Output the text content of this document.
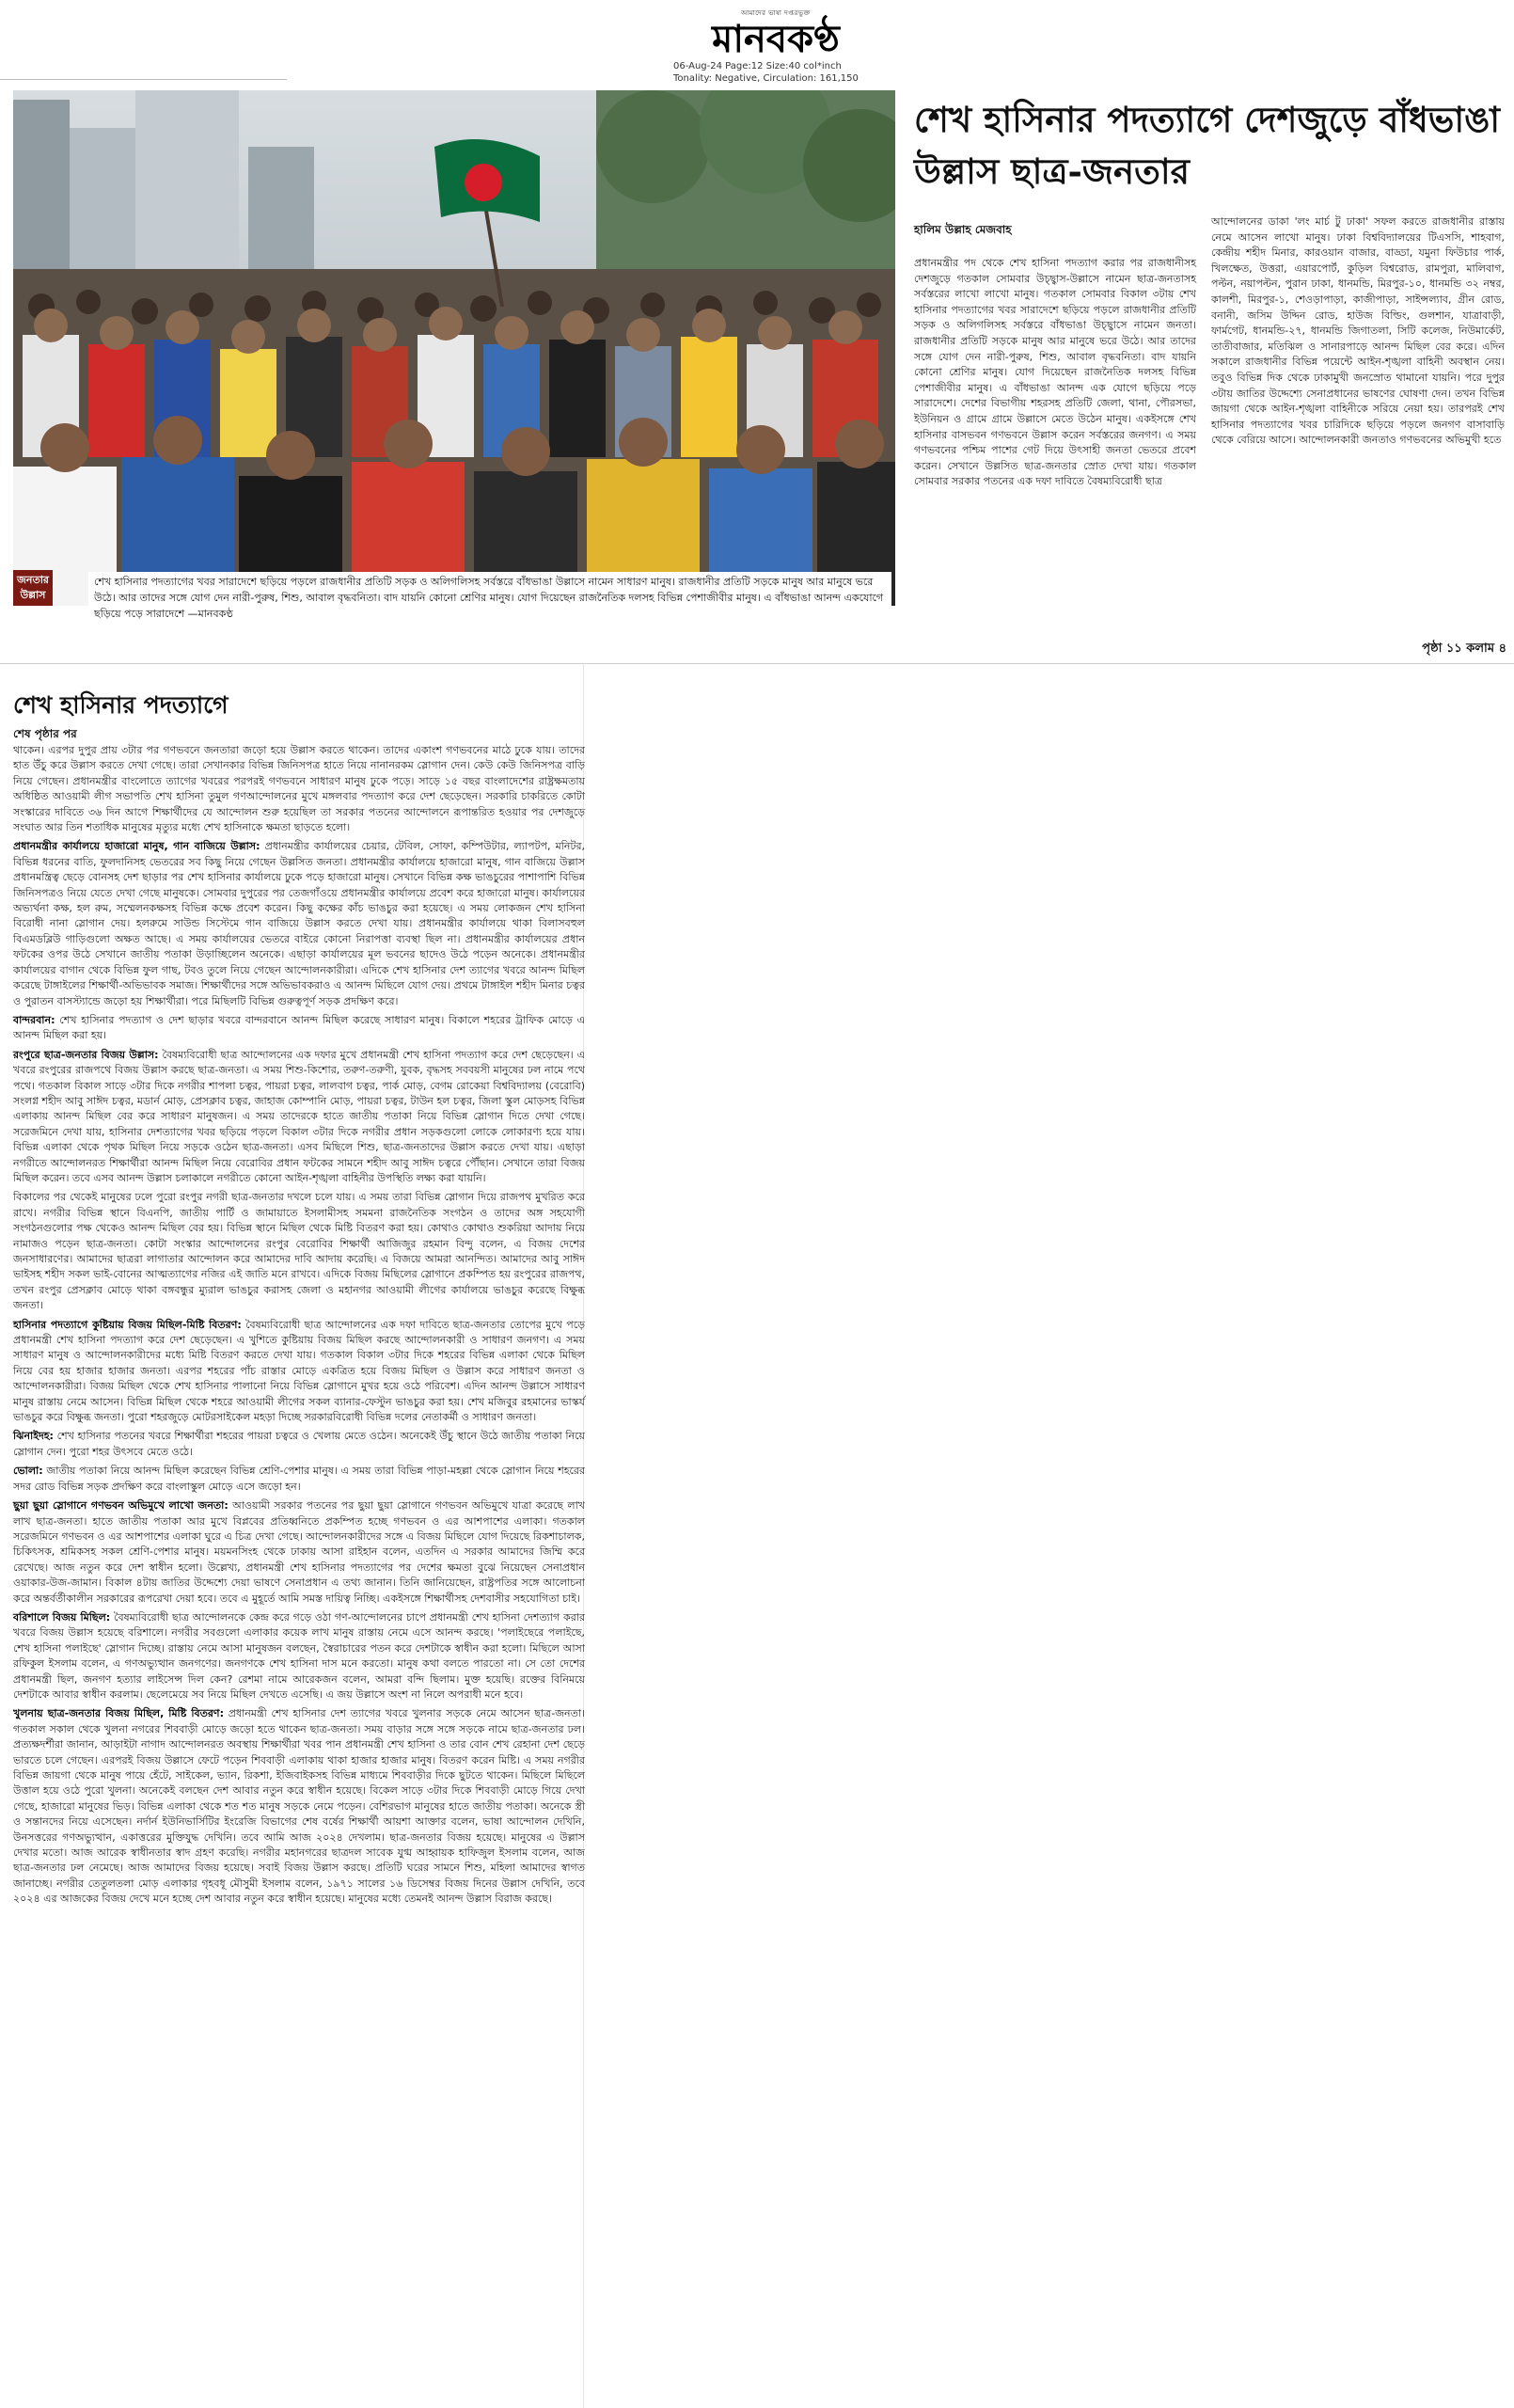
আমাদের ভাষা দপ্তরভুক্ত
মানবকণ্ঠ
06-Aug-24 Page:12 Size:40 col*inch
Tonality: Negative, Circulation: 161,150
জনতার উল্লাস
শেখ হাসিনার পদত্যাগের খবর সারাদেশে ছড়িয়ে পড়লে রাজধানীর প্রতিটি সড়ক ও অলিগলিসহ সর্বস্তরে বাঁধভাঙা উল্লাসে নামেন সাধারণ মানুষ। রাজধানীর প্রতিটি সড়কে মানুষ আর মানুষে ভরে উঠে। আর তাদের সঙ্গে যোগ দেন নারী-পুরুষ, শিশু, আবাল বৃদ্ধবনিতা। বাদ যায়নি কোনো শ্রেণির মানুষ। যোগ দিয়েছেন রাজনৈতিক দলসহ বিভিন্ন পেশাজীবীর মানুষ। এ বাঁধভাঙা আনন্দ একযোগে ছড়িয়ে পড়ে সারাদেশে —মানবকণ্ঠ
শেখ হাসিনার পদত্যাগে দেশজুড়ে বাঁধভাঙা উল্লাস ছাত্র-জনতার
হালিম উল্লাহ মেজবাহ
প্রধানমন্ত্রীর পদ থেকে শেখ হাসিনা পদত্যাগ করার পর রাজধানীসহ দেশজুড়ে গতকাল সোমবার উচ্ছ্বাস-উল্লাসে নামেন ছাত্র-জনতাসহ সর্বস্তরের লাখো লাখো মানুষ। গতকাল সোমবার বিকাল ৩টায় শেখ হাসিনার পদত্যাগের খবর সারাদেশে ছড়িয়ে পড়লে রাজধানীর প্রতিটি সড়ক ও অলিগলিসহ সর্বস্তরে বাঁধভাঙা উচ্ছ্বাসে নামেন জনতা। রাজধানীর প্রতিটি সড়কে মানুষ আর মানুষে ভরে উঠে। আর তাদের সঙ্গে যোগ দেন নারী-পুরুষ, শিশু, আবাল বৃদ্ধবনিতা। বাদ যায়নি কোনো শ্রেণির মানুষ। যোগ দিয়েছেন রাজনৈতিক দলসহ বিভিন্ন পেশাজীবীর মানুষ। এ বাঁধভাঙা আনন্দ এক যোগে ছড়িয়ে পড়ে সারাদেশে। দেশের বিভাগীয় শহরসহ প্রতিটি জেলা, থানা, পৌরসভা, ইউনিয়ন ও গ্রামে গ্রামে উল্লাসে মেতে উঠেন মানুষ। একইসঙ্গে শেখ হাসিনার বাসভবন গণভবনে উল্লাস করেন সর্বস্তরের জনগণ। এ সময় গণভবনের পশ্চিম পাশের গেট দিয়ে উৎসাহী জনতা ভেতরে প্রবেশ করেন। সেখানে উল্লসিত ছাত্র-জনতার স্রোত দেখা যায়। গতকাল সোমবার সরকার পতনের এক দফা দাবিতে বৈষম্যবিরোধী ছাত্র
আন্দোলনের ডাকা 'লং মার্চ টু ঢাকা' সফল করতে রাজধানীর রাস্তায় নেমে আসেন লাখো মানুষ। ঢাকা বিশ্ববিদ্যালয়ের টিএসসি, শাহবাগ, কেন্দ্রীয় শহীদ মিনার, কারওয়ান বাজার, বাড্ডা, যমুনা ফিউচার পার্ক, খিলক্ষেত, উত্তরা, এয়ারপোর্ট, কুড়িল বিশ্বরোড, রামপুরা, মালিবাগ, পল্টন, নয়াপল্টন, পুরান ঢাকা, ধানমন্ডি, মিরপুর-১০, ধানমন্ডি ৩২ নম্বর, কালশী, মিরপুর-১, শেওড়াপাড়া, কাজীপাড়া, সাইন্সল্যাব, গ্রীন রোড, বনানী, জসিম উদ্দিন রোড, হাউজ বিল্ডিং, গুলশান, যাত্রাবাড়ী, ফার্মগেট, ধানমন্ডি-২৭, ধানমন্ডি জিগাতলা, সিটি কলেজ, নিউমার্কেট, তাতীবাজার, মতিঝিল ও সানারপাড়ে আনন্দ মিছিল বের করে। এদিন সকালে রাজধানীর বিভিন্ন পয়েন্টে আইন-শৃঙ্খলা বাহিনী অবস্থান নেয়। তবুও বিভিন্ন দিক থেকে ঢাকামুখী জনস্রোত থামানো যায়নি। পরে দুপুর ৩টায় জাতির উদ্দেশ্যে সেনাপ্রধানের ভাষণের ঘোষণা দেন। তখন বিভিন্ন জায়গা থেকে আইন-শৃঙ্খলা বাহিনীকে সরিয়ে নেয়া হয়। তারপরই শেখ হাসিনার পদত্যাগের খবর চারিদিকে ছড়িয়ে পড়লে জনগণ বাসাবাড়ি থেকে বেরিয়ে আসে। আন্দোলনকারী জনতাও গণভবনের অভিমুখী হতে
পৃষ্ঠা ১১ কলাম ৪
শেখ হাসিনার পদত্যাগে
শেষ পৃষ্ঠার পর

থাকেন। এরপর দুপুর প্রায় ৩টার পর গণভবনে জনতারা জড়ো হয়ে উল্লাস করতে থাকেন। তাদের একাংশ গণভবনের মাঠে ঢুকে যায়। তাদের হাত উঁচু করে উল্লাস করতে দেখা গেছে। তারা সেখানকার বিভিন্ন জিনিসপত্র হাতে নিয়ে নানানরকম স্লোগান দেন। কেউ কেউ জিনিসপত্র বাড়ি নিয়ে গেছেন। প্রধানমন্ত্রীর বাংলোতে ত্যাগের খবরের পরপরই গণভবনে সাধারণ মানুষ ঢুকে পড়ে। সাড়ে ১৫ বছর বাংলাদেশের রাষ্ট্রক্ষমতায় অধিষ্ঠিত আওয়ামী লীগ সভাপতি শেখ হাসিনা তুমুল গণআন্দোলনের মুখে মঙ্গলবার পদত্যাগ করে দেশ ছেড়েছেন। সরকারি চাকরিতে কোটা সংস্কারের দাবিতে ৩৬ দিন আগে শিক্ষার্থীদের যে আন্দোলন শুরু হয়েছিল তা সরকার পতনের আন্দোলনে রূপান্তরিত হওয়ার পর দেশজুড়ে সংঘাত আর তিন শতাধিক মানুষের মৃত্যুর মধ্যে শেখ হাসিনাকে ক্ষমতা ছাড়তে হলো।

প্রধানমন্ত্রীর কার্যালয়ে হাজারো মানুষ, গান বাজিয়ে উল্লাস: প্রধানমন্ত্রীর কার্যালয়ের চেয়ার, টেবিল, সোফা, কম্পিউটার, ল্যাপটপ, মনিটর, বিভিন্ন ধরনের বাতি, ফুলদানিসহ ভেতরের সব কিছু নিয়ে গেছেন উল্লসিত জনতা। প্রধানমন্ত্রীর কার্যালয়ে হাজারো মানুষ, গান বাজিয়ে উল্লাস প্রধানমন্ত্রিত্ব ছেড়ে বোনসহ দেশ ছাড়ার পর শেখ হাসিনার কার্যালয়ে ঢুকে পড়ে হাজারো মানুষ। সেখানে বিভিন্ন কক্ষ ভাঙচুরের পাশাপাশি বিভিন্ন জিনিসপত্রও নিয়ে যেতে দেখা গেছে মানুষকে। সোমবার দুপুরের পর তেজগাঁওয়ে প্রধানমন্ত্রীর কার্যালয়ে প্রবেশ করে হাজারো মানুষ। কার্যালয়ের অভ্যর্থনা কক্ষ, হল রুম, সম্মেলনকক্ষসহ বিভিন্ন কক্ষে প্রবেশ করেন। কিছু কক্ষের কাঁচ ভাঙচুর করা হয়েছে। এ সময় লোকজন শেখ হাসিনা বিরোধী নানা স্লোগান দেয়। হলরুমে সাউন্ড সিস্টেমে গান বাজিয়ে উল্লাস করতে দেখা যায়। প্রধানমন্ত্রীর কার্যালয়ে থাকা বিলাসবহুল বিএমডব্লিউ গাড়িগুলো অক্ষত আছে। এ সময় কার্যালয়ের ভেতরে বাইরে কোনো নিরাপত্তা ব্যবস্থা ছিল না। প্রধানমন্ত্রীর কার্যালয়ের প্রধান ফটকের ওপর উঠে সেখানে জাতীয় পতাকা উড়াচ্ছিলেন অনেকে। এছাড়া কার্যালয়ের মূল ভবনের ছাদেও উঠে পড়েন অনেকে। প্রধানমন্ত্রীর কার্যালয়ের বাগান থেকে বিভিন্ন ফুল গাছ, টবও তুলে নিয়ে গেছেন আন্দোলনকারীরা। এদিকে শেখ হাসিনার দেশ ত্যাগের খবরে আনন্দ মিছিল করেছে টাঙ্গাইলের শিক্ষার্থী-অভিভাবক সমাজ। শিক্ষার্থীদের সঙ্গে অভিভাবকরাও এ আনন্দ মিছিলে যোগ দেয়। প্রথমে টাঙ্গাইল শহীদ মিনার চত্বর ও পুরাতন বাসস্ট্যান্ডে জড়ো হয় শিক্ষার্থীরা। পরে মিছিলটি বিভিন্ন গুরুত্বপূর্ণ সড়ক প্রদক্ষিণ করে।

বান্দরবান: শেখ হাসিনার পদত্যাগ ও দেশ ছাড়ার খবরে বান্দরবানে আনন্দ মিছিল করেছে সাধারণ মানুষ। বিকালে শহরের ট্রাফিক মোড়ে এ আনন্দ মিছিল করা হয়।

রংপুরে ছাত্র-জনতার বিজয় উল্লাস: বৈষম্যবিরোধী ছাত্র আন্দোলনের এক দফার মুখে প্রধানমন্ত্রী শেখ হাসিনা পদত্যাগ করে দেশ ছেড়েছেন। এ খবরে রংপুরের রাজপথে বিজয় উল্লাস করছে ছাত্র-জনতা। এ সময় শিশু-কিশোর, তরুণ-তরুণী, যুবক, বৃদ্ধসহ সববয়সী মানুষের ঢল নামে পথে পথে। গতকাল বিকাল সাড়ে ৩টার দিকে নগরীর শাপলা চত্বর, পায়রা চত্বর, লালবাগ চত্বর, পার্ক মোড়, বেগম রোকেয়া বিশ্ববিদ্যালয় (বেরোবি) সংলগ্ন শহীদ আবু সাঈদ চত্বর, মডার্ন মোড়, প্রেসক্লাব চত্বর, জাহাজ কোম্পানি মোড়, পায়রা চত্বর, টাউন হল চত্বর, জিলা স্কুল মোড়সহ বিভিন্ন এলাকায় আনন্দ মিছিল বের করে সাধারণ মানুষজন। এ সময় তাদেরকে হাতে জাতীয় পতাকা নিয়ে বিভিন্ন স্লোগান দিতে দেখা গেছে। সরেজমিনে দেখা যায়, হাসিনার দেশত্যাগের খবর ছড়িয়ে পড়লে বিকাল ৩টার দিকে নগরীর প্রধান সড়কগুলো লোকে লোকারণ্য হয়ে যায়। বিভিন্ন এলাকা থেকে পৃথক মিছিল নিয়ে সড়কে ওঠেন ছাত্র-জনতা। এসব মিছিলে শিশু, ছাত্র-জনতাদের উল্লাস করতে দেখা যায়। এছাড়া নগরীতে আন্দোলনরত শিক্ষার্থীরা আনন্দ মিছিল নিয়ে বেরোবির প্রধান ফটকের সামনে শহীদ আবু সাঈদ চত্বরে পৌঁছান। সেখানে তারা বিজয় মিছিল করেন। তবে এসব আনন্দ উল্লাস চলাকালে নগরীতে কোনো আইন-শৃঙ্খলা বাহিনীর উপস্থিতি লক্ষ্য করা যায়নি।

বিকালের পর থেকেই মানুষের ঢলে পুরো রংপুর নগরী ছাত্র-জনতার দখলে চলে যায়। এ সময় তারা বিভিন্ন স্লোগান দিয়ে রাজপথ মুখরিত করে রাখে। নগরীর বিভিন্ন স্থানে বিএনপি, জাতীয় পার্টি ও জামায়াতে ইসলামীসহ সমমনা রাজনৈতিক সংগঠন ও তাদের অঙ্গ সহযোগী সংগঠনগুলোর পক্ষ থেকেও আনন্দ মিছিল বের হয়। বিভিন্ন স্থানে মিছিল থেকে মিষ্টি বিতরণ করা হয়। কোথাও কোথাও শুকরিয়া আদায় নিয়ে নামাজও পড়েন ছাত্র-জনতা। কোটা সংস্কার আন্দোলনের রংপুর বেরোবির শিক্ষার্থী আজিজুর রহমান বিন্দু বলেন, এ বিজয় দেশের জনসাধারণের। আমাদের ছাত্ররা লাগাতার আন্দোলন করে আমাদের দাবি আদায় করেছি। এ বিজয়ে আমরা আনন্দিত। আমাদের আবু সাঈদ ভাইসহ শহীদ সকল ভাই-বোনের আত্মত্যাগের নজির এই জাতি মনে রাখবে। এদিকে বিজয় মিছিলের স্লোগানে প্রকম্পিত হয় রংপুরের রাজপথ, তখন রংপুর প্রেসক্লাব মোড়ে থাকা বঙ্গবন্ধুর ম্যুরাল ভাঙচুর করাসহ জেলা ও মহানগর আওয়ামী লীগের কার্যালয়ে ভাঙচুর করেছে বিক্ষুব্ধ জনতা।

হাসিনার পদত্যাগে কুষ্টিয়ায় বিজয় মিছিল-মিষ্টি বিতরণ: বৈষম্যবিরোধী ছাত্র আন্দোলনের এক দফা দাবিতে ছাত্র-জনতার তোপের মুখে পড়ে প্রধানমন্ত্রী শেখ হাসিনা পদত্যাগ করে দেশ ছেড়েছেন। এ খুশিতে কুষ্টিয়ায় বিজয় মিছিল করছে আন্দোলনকারী ও সাধারণ জনগণ। এ সময় সাধারণ মানুষ ও আন্দোলনকারীদের মধ্যে মিষ্টি বিতরণ করতে দেখা যায়। গতকাল বিকাল ৩টার দিকে শহরের বিভিন্ন এলাকা থেকে মিছিল নিয়ে বের হয় হাজার হাজার জনতা। এরপর শহরের পাঁচ রাস্তার মোড়ে একত্রিত হয়ে বিজয় মিছিল ও উল্লাস করে সাধারণ জনতা ও আন্দোলনকারীরা। বিজয় মিছিল থেকে শেখ হাসিনার পালানো নিয়ে বিভিন্ন স্লোগানে মুখর হয়ে ওঠে পরিবেশ। এদিন আনন্দ উল্লাসে সাধারণ মানুষ রাস্তায় নেমে আসেন। বিভিন্ন মিছিল থেকে শহরে আওয়ামী লীগের সকল ব্যানার-ফেস্টুন ভাঙচুর করা হয়। শেখ মজিবুর রহমানের ভাস্কর্য ভাঙচুর করে বিক্ষুব্ধ জনতা। পুরো শহরজুড়ে মোটরসাইকেল মহড়া দিচ্ছে সরকারবিরোধী বিভিন্ন দলের নেতাকর্মী ও সাধারণ জনতা।

ঝিনাইদহ: শেখ হাসিনার পতনের খবরে শিক্ষার্থীরা শহরের পায়রা চত্বরে ও খেলায় মেতে ওঠেন। অনেকেই উঁচু স্থানে উঠে জাতীয় পতাকা নিয়ে স্লোগান দেন। পুরো শহর উৎসবে মেতে ওঠে।

ভোলা: জাতীয় পতাকা নিয়ে আনন্দ মিছিল করেছেন বিভিন্ন শ্রেণি-পেশার মানুষ। এ সময় তারা বিভিন্ন পাড়া-মহল্লা থেকে স্লোগান নিয়ে শহরের সদর রোড বিভিন্ন সড়ক প্রদক্ষিণ করে বাংলাস্কুল মোড়ে এসে জড়ো হন।

ছুয়া ছুয়া স্লোগানে গণভবন অভিমুখে লাখো জনতা: আওয়ামী সরকার পতনের পর ছুয়া ছুয়া স্লোগানে গণভবন অভিমুখে যাত্রা করেছে লাখ লাখ ছাত্র-জনতা। হাতে জাতীয় পতাকা আর মুখে বিপ্লবের প্রতিধ্বনিতে প্রকম্পিত হচ্ছে গণভবন ও এর আশপাশের এলাকা। গতকাল সরেজমিনে গণভবন ও এর আশপাশের এলাকা ঘুরে এ চিত্র দেখা গেছে। আন্দোলনকারীদের সঙ্গে এ বিজয় মিছিলে যোগ দিয়েছে রিকশাচালক, চিকিৎসক, শ্রমিকসহ সকল শ্রেণি-পেশার মানুষ। ময়মনসিংহ থেকে ঢাকায় আসা রাইহান বলেন, এতদিন এ সরকার আমাদের জিম্মি করে রেখেছে। আজ নতুন করে দেশ স্বাধীন হলো। উল্লেখ্য, প্রধানমন্ত্রী শেখ হাসিনার পদত্যাগের পর দেশের ক্ষমতা বুঝে নিয়েছেন সেনাপ্রধান ওয়াকার-উজ-জামান। বিকাল ৪টায় জাতির উদ্দেশ্যে দেয়া ভাষণে সেনাপ্রধান এ তথ্য জানান। তিনি জানিয়েছেন, রাষ্ট্রপতির সঙ্গে আলোচনা করে অন্তর্বর্তীকালীন সরকারের রূপরেখা দেয়া হবে। তবে এ মুহূর্তে আমি সমস্ত দায়িত্ব নিচ্ছি। একইসঙ্গে শিক্ষার্থীসহ দেশবাসীর সহযোগিতা চাই।

বরিশালে বিজয় মিছিল: বৈষম্যবিরোধী ছাত্র আন্দোলনকে কেন্দ্র করে গড়ে ওঠা গণ-আন্দোলনের চাপে প্রধানমন্ত্রী শেখ হাসিনা দেশত্যাগ করার খবরে বিজয় উল্লাস হয়েছে বরিশালে। নগরীর সবগুলো এলাকার কয়েক লাখ মানুষ রাস্তায় নেমে এসে আনন্দ করছে। 'পলাইছেরে পলাইছে, শেখ হাসিনা পলাইছে' স্লোগান দিচ্ছে। রাস্তায় নেমে আসা মানুষজন বলছেন, স্বৈরাচারের পতন করে দেশটাকে স্বাধীন করা হলো। মিছিলে আসা রফিকুল ইসলাম বলেন, এ গণঅভ্যুত্থান জনগণের। জনগণকে শেখ হাসিনা দাস মনে করতো। মানুষ কথা বলতে পারতো না। সে তো দেশের প্রধানমন্ত্রী ছিল, জনগণ হত্যার লাইসেন্স দিল কেন? রেশমা নামে আরেকজন বলেন, আমরা বন্দি ছিলাম। মুক্ত হয়েছি। রক্তের বিনিময়ে দেশটাকে আবার স্বাধীন করলাম। ছেলেমেয়ে সব নিয়ে মিছিল দেখতে এসেছি। এ জয় উল্লাসে অংশ না নিলে অপরাধী মনে হবে।

খুলনায় ছাত্র-জনতার বিজয় মিছিল, মিষ্টি বিতরণ: প্রধানমন্ত্রী শেখ হাসিনার দেশ ত্যাগের খবরে খুলনার সড়কে নেমে আসেন ছাত্র-জনতা। গতকাল সকাল থেকে খুলনা নগরের শিববাড়ী মোড়ে জড়ো হতে থাকেন ছাত্র-জনতা। সময় বাড়ার সঙ্গে সঙ্গে সড়কে নামে ছাত্র-জনতার ঢল। প্রত্যক্ষদর্শীরা জানান, আড়াইটা নাগাদ আন্দোলনরত অবস্থায় শিক্ষার্থীরা খবর পান প্রধানমন্ত্রী শেখ হাসিনা ও তার বোন শেখ রেহানা দেশ ছেড়ে ভারতে চলে গেছেন। এরপরই বিজয় উল্লাসে ফেটে পড়েন শিববাড়ী এলাকায় থাকা হাজার হাজার মানুষ। বিতরণ করেন মিষ্টি। এ সময় নগরীর বিভিন্ন জায়গা থেকে মানুষ পায়ে হেঁটে, সাইকেল, ভ্যান, রিকশা, ইজিবাইকসহ বিভিন্ন মাধ্যমে শিববাড়ীর দিকে ছুটতে থাকেন। মিছিলে মিছিলে উত্তাল হয়ে ওঠে পুরো খুলনা। অনেকেই বলছেন দেশ আবার নতুন করে স্বাধীন হয়েছে। বিকেল সাড়ে ৩টার দিকে শিববাড়ী মোড়ে গিয়ে দেখা গেছে, হাজারো মানুষের ভিড়। বিভিন্ন এলাকা থেকে শত শত মানুষ সড়কে নেমে পড়েন। বেশিরভাগ মানুষের হাতে জাতীয় পতাকা। অনেকে স্ত্রী ও সন্তানদের নিয়ে এসেছেন। নর্দার্ন ইউনিভার্সিটির ইংরেজি বিভাগের শেষ বর্ষের শিক্ষার্থী আয়শা আক্তার বলেন, ভাষা আন্দোলন দেখিনি, উনসত্তরের গণঅভ্যুত্থান, একাত্তরের মুক্তিযুদ্ধ দেখিনি। তবে আমি আজ ২০২৪ দেখলাম। ছাত্র-জনতার বিজয় হয়েছে। মানুষের এ উল্লাস দেখার মতো। আজ আরেক স্বাধীনতার স্বাদ গ্রহণ করেছি। নগরীর মহানগরের ছাত্রদল সাবেক যুগ্ম আহ্বায়ক হাফিজুল ইসলাম বলেন, আজ ছাত্র-জনতার ঢল নেমেছে। আজ আমাদের বিজয় হয়েছে। সবাই বিজয় উল্লাস করছে। প্রতিটি ঘরের সামনে শিশু, মহিলা আমাদের স্বাগত জানাচ্ছে। নগরীর তেতুলতলা মোড় এলাকার গৃহবধূ মৌসুমী ইসলাম বলেন, ১৯৭১ সালের ১৬ ডিসেম্বর বিজয় দিনের উল্লাস দেখিনি, তবে ২০২৪ এর আজকের বিজয় দেখে মনে হচ্ছে দেশ আবার নতুন করে স্বাধীন হয়েছে। মানুষের মধ্যে তেমনই আনন্দ উল্লাস বিরাজ করছে।
